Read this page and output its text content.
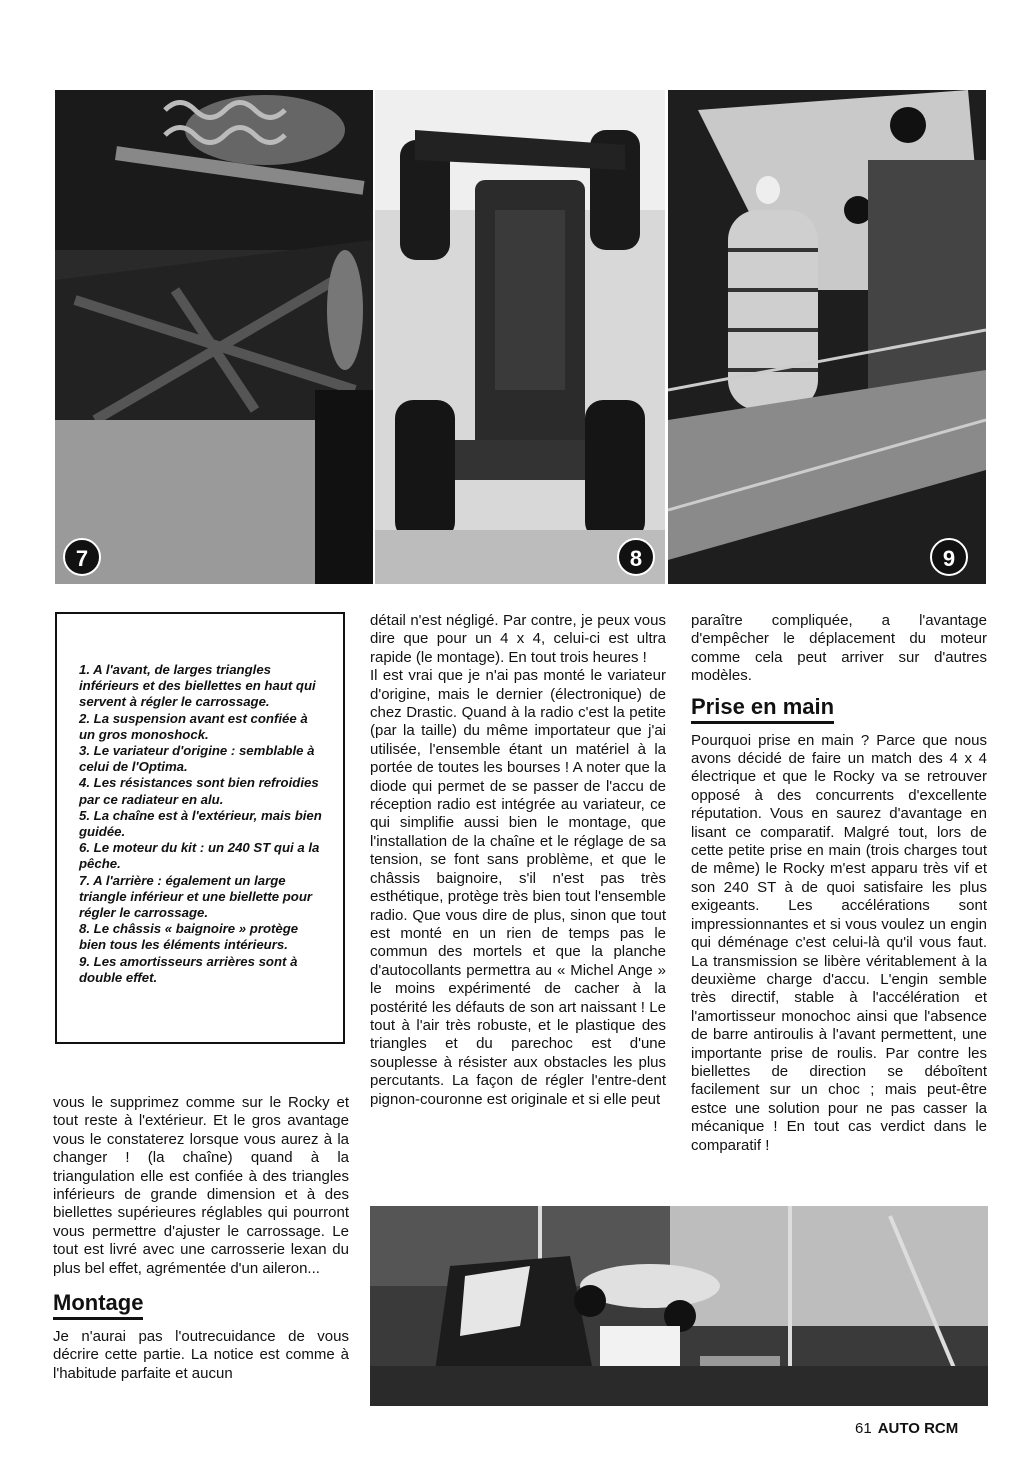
7	8	9

1. A l'avant, de larges triangles inférieurs et des biellettes en haut qui servent à régler le carrossage.

2. La suspension avant est confiée à un gros monoshock.

3. Le variateur d'origine : semblable à celui de l'Optima.

4. Les résistances sont bien refroidies par ce radiateur en alu.

5. La chaîne est à l'extérieur, mais bien guidée.

6. Le moteur du kit : un 240 ST qui a la pêche.

7. A l'arrière : également un large triangle inférieur et une biellette pour régler le carrossage.

8. Le châssis « baignoire » protège bien tous les éléments intérieurs.

9. Les amortisseurs arrières sont à double effet.

vous le supprimez comme sur le Rocky et tout reste à l'extérieur. Et le gros avantage vous le constaterez lorsque vous aurez à la changer ! (la chaîne) quand à la triangulation elle est confiée à des triangles inférieurs de grande dimension et à des biellettes supérieures réglables qui pourront vous permettre d'ajuster le carrossage. Le tout est livré avec une carrosserie lexan du plus bel effet, agrémentée d'un aileron...

Montage

Je n'aurai pas l'outrecuidance de vous décrire cette partie. La notice est comme à l'habitude parfaite et aucun

détail n'est négligé. Par contre, je peux vous dire que pour un 4 x 4, celui-ci est ultra rapide (le montage). En tout trois heures !

Il est vrai que je n'ai pas monté le variateur d'origine, mais le dernier (électronique) de chez Drastic. Quand à la radio c'est la petite (par la taille) du même importateur que j'ai utilisée, l'ensemble étant un matériel à la portée de toutes les bourses ! A noter que la diode qui permet de se passer de l'accu de réception radio est intégrée au variateur, ce qui simplifie aussi bien le montage, que l'installation de la chaîne et le réglage de sa tension, se font sans problème, et que le châssis baignoire, s'il n'est pas très esthétique, protège très bien tout l'ensemble radio. Que vous dire de plus, sinon que tout est monté en un rien de temps pas le commun des mortels et que la planche d'autocollants permettra au « Michel Ange » le moins expérimenté de cacher à la postérité les défauts de son art naissant ! Le tout à l'air très robuste, et le plastique des triangles et du parechoc est d'une souplesse à résister aux obstacles les plus percutants. La façon de régler l'entre-dent pignon-couronne est originale et si elle peut

paraître compliquée, a l'avantage d'empêcher le déplacement du moteur comme cela peut arriver sur d'autres modèles.

Prise en main

Pourquoi prise en main ? Parce que nous avons décidé de faire un match des 4 x 4 électrique et que le Rocky va se retrouver opposé à des concurrents d'excellente réputation. Vous en saurez d'avantage en lisant ce comparatif. Malgré tout, lors de cette petite prise en main (trois charges tout de même) le Rocky m'est apparu très vif et son 240 ST à de quoi satisfaire les plus exigeants. Les accélérations sont impressionnantes et si vous voulez un engin qui déménage c'est celui-là qu'il vous faut. La transmission se libère véritablement à la deuxième charge d'accu. L'engin semble très directif, stable à l'accélération et l'amortisseur monochoc ainsi que l'absence de barre antiroulis à l'avant permettent, une importante prise de roulis. Par contre les biellettes de direction se déboîtent facilement sur un choc ; mais peut-être estce une solution pour ne pas casser la mécanique ! En tout cas verdict dans le comparatif !

61 AUTO RCM
